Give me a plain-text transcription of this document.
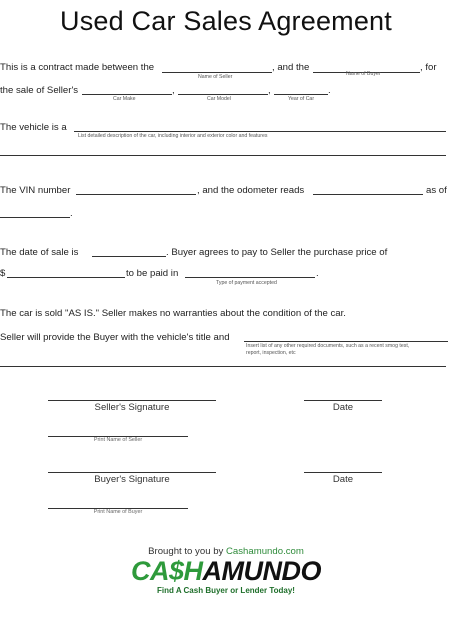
Used Car Sales Agreement
This is a contract made between the
Name of Seller
, and the
Name of Buyer
, for
the sale of Seller's
Car Make
,
Car Model
,
Year of Car
.
The vehicle is a
List detailed description of the car, including interior and exterior color and features
The VIN number	, and the odometer reads	as of
.
The date of sale is	. Buyer agrees to pay to Seller the purchase price of
$	to be paid in
Type of payment accepted
.
The car is sold "AS IS." Seller makes no warranties about the condition of the car.
Seller will provide the Buyer with the vehicle's title and
Insert list of any other required documents, such as a recent smog test,
report, inspection, etc
Seller's Signature	Date
Print Name of Seller
Buyer's Signature	Date
Print Name of Buyer
Brought to you by Cashamundo.com
CA$HAMUNDO
Find A Cash Buyer or Lender Today!
